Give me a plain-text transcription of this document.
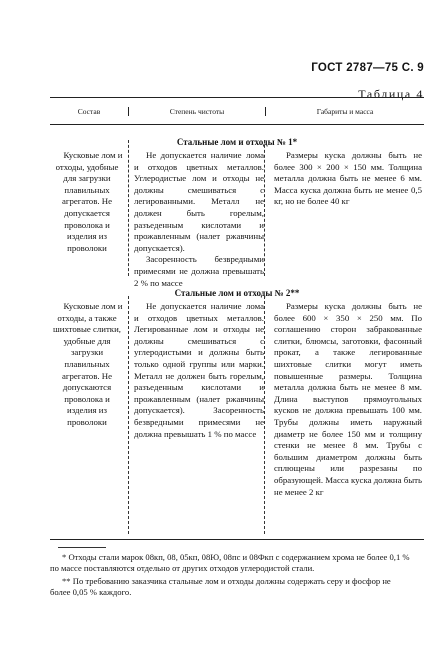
ГОСТ 2787—75 С. 9
Таблица 4
Состав	Степень чистоты	Габариты и масса
Стальные лом и отходы № 1*

Кусковые лом и отходы, удобные для загрузки плавильных агрегатов. Не допускается проволока и изделия из проволоки

Не допускается наличие лома и отходов цветных металлов. Углеродистые лом и отходы не должны смешиваться с легированными. Металл не должен быть горелым, разъеденным кислотами и прожавленным (налет ржавчины допускается).

Засоренность безвредными примесями не должна превышать 2 % по массе

Размеры куска должны быть не более 300 × 200 × 150 мм. Толщина металла должна быть не менее 6 мм. Масса куска должна быть не менее 0,5 кг, но не более 40 кг

Стальные лом и отходы № 2**

Кусковые лом и отходы, а также шихтовые слитки, удобные для загрузки плавильных агрегатов. Не допускаются проволока и изделия из проволоки

Не допускается наличие лома и отходов цветных металлов. Легированные лом и отходы не должны смешиваться с углеродистыми и должны быть только одной группы или марки. Металл не должен быть горелым, разъеденным кислотами и прожавленным (налет ржавчины допускается). Засоренность безвредными примесями не должна превышать 1 % по массе

Размеры куска должны быть не более 600 × 350 × 250 мм. По соглашению сторон забракованные слитки, блюмсы, заготовки, фасонный прокат, а также легированные шихтовые слитки могут иметь повышенные размеры. Толщина металла должна быть не менее 8 мм. Длина выступов прямоугольных кусков не должна превышать 100 мм. Трубы должны иметь наружный диаметр не более 150 мм и толщину стенки не менее 8 мм. Трубы с большим диаметром должны быть сплющены или разрезаны по образующей. Масса куска должна быть не менее 2 кг

* Отходы стали марок 08кп, 08, 05кп, 08Ю, 08пс и 08Фкп с содержанием хрома не более 0,1 % по массе поставляются отдельно от других отходов углеродистой стали.

** По требованию заказчика стальные лом и отходы должны содержать серу и фосфор не более 0,05 % каждого.
